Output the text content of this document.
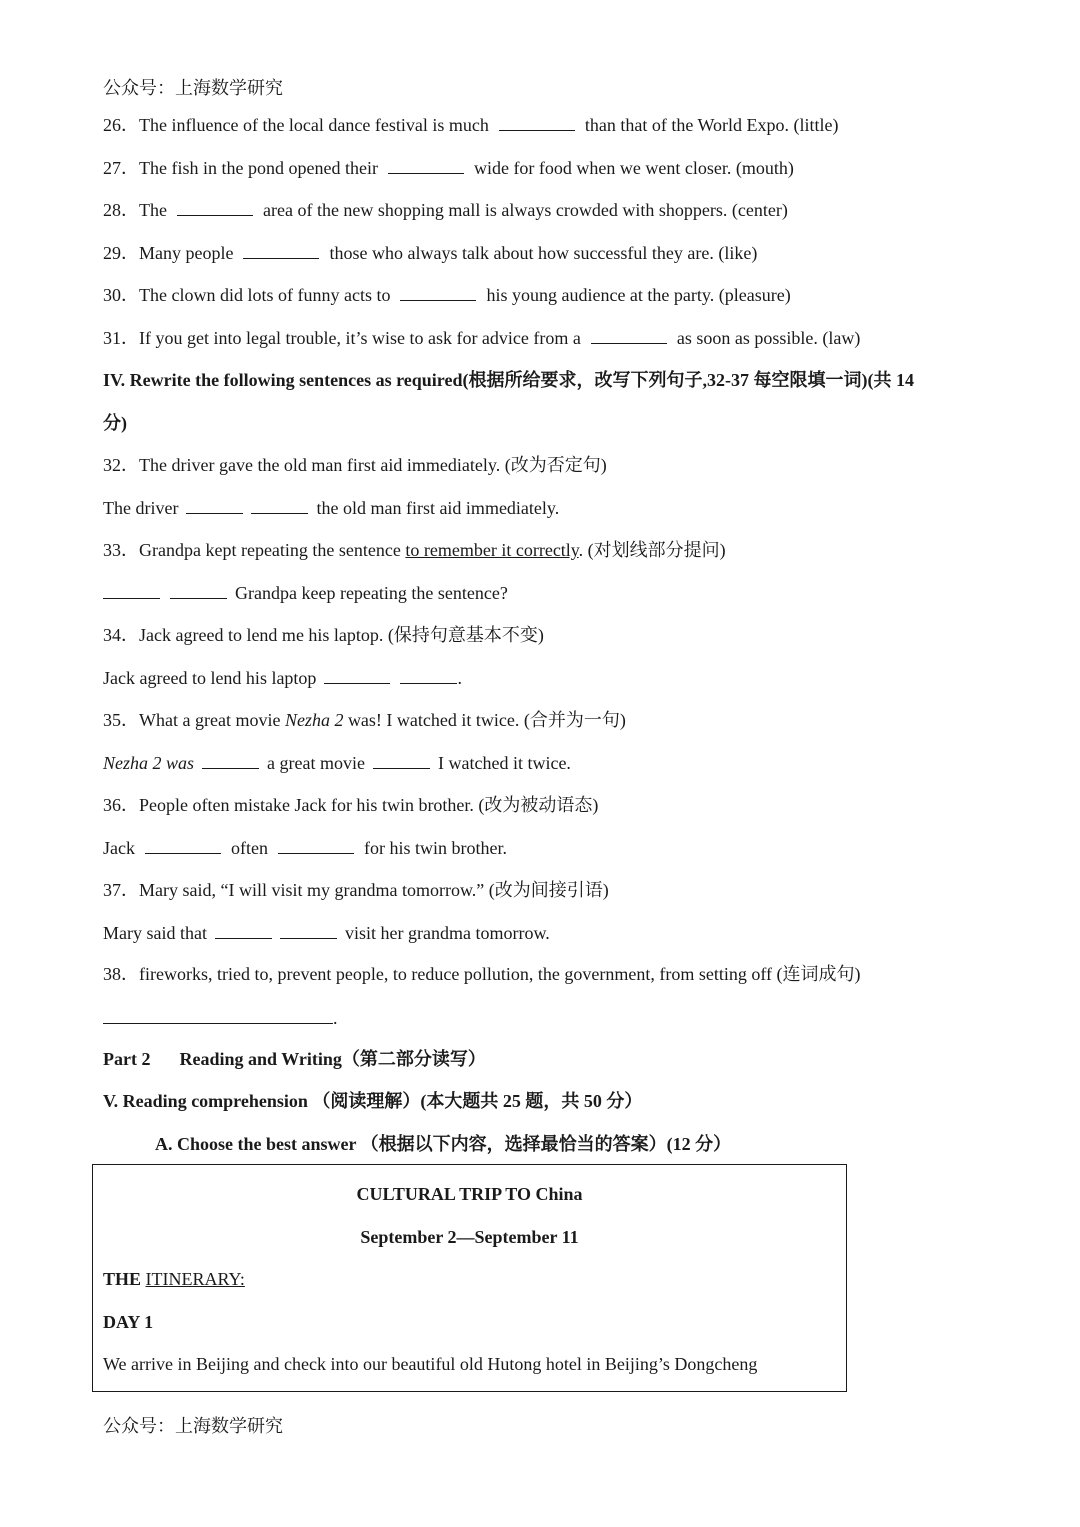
公众号：上海数学研究
26．The influence of the local dance festival is much	than that of the World Expo. (little)
27．The fish in the pond opened their	wide for food when we went closer. (mouth)
28．The	area of the new shopping mall is always crowded with shoppers. (center)
29．Many people	those who always talk about how successful they are. (like)
30．The clown did lots of funny acts to	his young audience at the party. (pleasure)
31．If you get into legal trouble, it’s wise to ask for advice from a	as soon as possible. (law)
IV. Rewrite the following sentences as required(根据所给要求，改写下列句子,32-37 每空限填一词)(共 14
分)
32．The driver gave the old man first aid immediately. (改为否定句)
The driver	the old man first aid immediately.
33．Grandpa kept repeating the sentence to remember it correctly. (对划线部分提问)
Grandpa keep repeating the sentence?
34．Jack agreed to lend me his laptop. (保持句意基本不变)
Jack agreed to lend his laptop	.
35．What a great movie Nezha 2 was! I watched it twice. (合并为一句)
Nezha 2 was	a great movie	I watched it twice.
36．People often mistake Jack for his twin brother. (改为被动语态)
Jack	often	for his twin brother.
37．Mary said, “I will visit my grandma tomorrow.” (改为间接引语)
Mary said that	visit her grandma tomorrow.
38．fireworks, tried to, prevent people, to reduce pollution, the government, from setting off (连词成句)
.
Part 2 Reading and Writing（第二部分读写）
V. Reading comprehension （阅读理解）(本大题共 25 题，共 50 分）
A. Choose the best answer （根据以下内容，选择最恰当的答案）(12 分）
CULTURAL TRIP TO China
September 2—September 11
THE ITINERARY:
DAY 1
We arrive in Beijing and check into our beautiful old Hutong hotel in Beijing’s Dongcheng
公众号：上海数学研究
